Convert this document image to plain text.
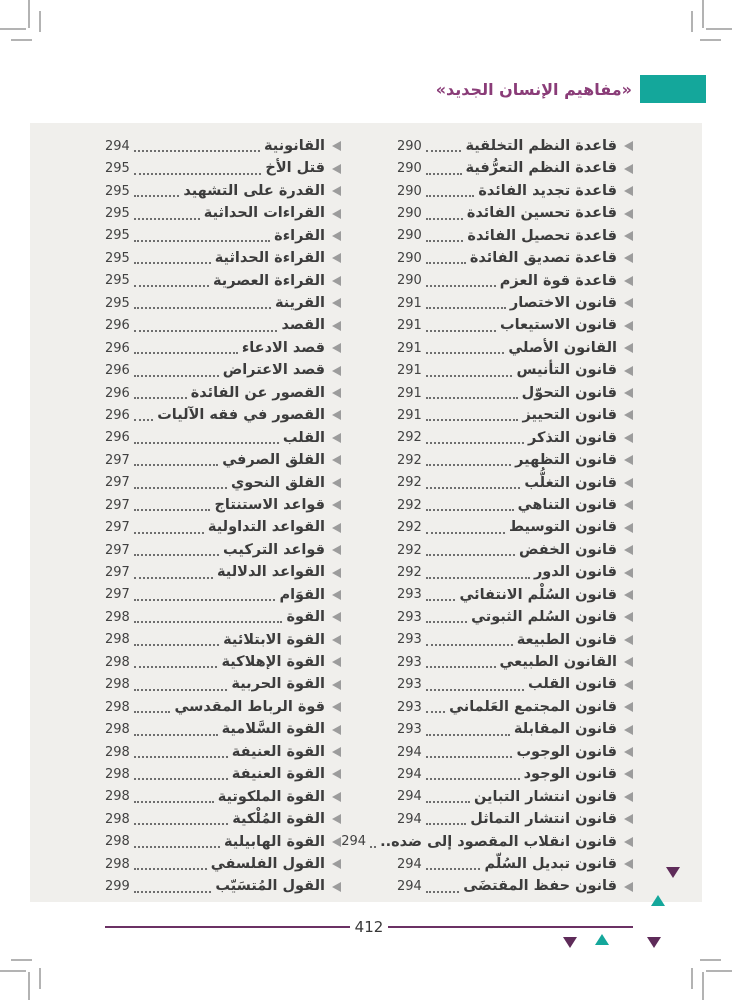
«مفاهيم الإنسان الجديد»
قاعدة النظم التخلقية
290
قاعدة النظم التعرُّفية
290
قاعدة تجديد الفائدة
290
قاعدة تحسين الفائدة
290
قاعدة تحصيل الفائدة
290
قاعدة تصديق الفائدة
290
قاعدة قوة العزم
290
قانون الاختصار
291
قانون الاستيعاب
291
القانون الأصلي
291
قانون التأنيس
291
قانون التحوّل
291
قانون التحييز
291
قانون التذكر
292
قانون التظهير
292
قانون التغلُّب
292
قانون التناهي
292
قانون التوسيط
292
قانون الخفض
292
قانون الدور
292
قانون السُلْم الانتفائي
293
قانون السُلم الثبوتي
293
قانون الطبيعة
293
القانون الطبيعي
293
قانون القلب
293
قانون المجتمع العَلماني
293
قانون المقابلة
293
قانون الوجوب
294
قانون الوجود
294
قانون انتشار التباين
294
قانون انتشار التماثل
294
قانون انقلاب المقصود إلى ضده..
294
قانون تبديل السُلّم
294
قانون حفظ المقتضَى
294
القانونية
294
قتل الأخ
295
القدرة على التشهيد
295
القراءات الحداثية
295
القراءة
295
القراءة الحداثية
295
القراءة العصرية
295
القرينة
295
القصد
296
قصد الادعاء
296
قصد الاعتراض
296
القصور عن الفائدة
296
القصور في فقه الآليات
296
القلب
296
القلق الصرفي
297
القلق النحوي
297
قواعد الاستنتاج
297
القواعد التداولية
297
قواعد التركيب
297
القواعد الدلالية
297
القوَام
297
القوة
298
القوة الابتلائية
298
القوة الإهلاكية
298
القوة الحربية
298
قوة الرباط المقدسي
298
القوة السَّلامية
298
القوة العنيفة
298
القوة العنيفة
298
القوة الملكوتية
298
القوة المُلْكية
298
القوة الهابيلية
298
القول الفلسفي
298
القول المُتسَيّب
299
412
